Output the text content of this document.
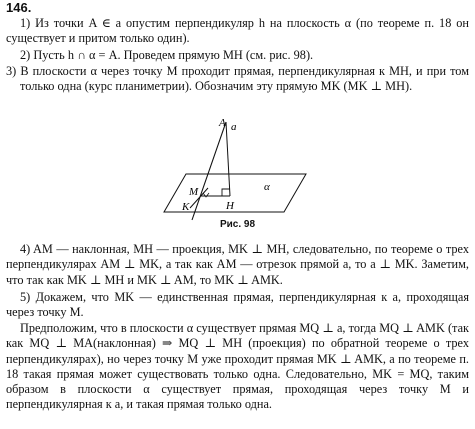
146.
1) Из точки A ∈ a опустим перпендикуляр h на плоскость α (по теореме п. 18 он существует и притом только один).
2) Пусть h ∩ α = A. Проведем прямую MH (см. рис. 98).
3) В плоскости α через точку M проходит прямая, перпендикулярная к MH, и при том только одна (курс планиметрии). Обозначим эту прямую MK (MK ⊥ MH).
A a
M
K	H
α
Рис. 98
4) AM — наклонная, MH — проекция, MK ⊥ MH, следовательно, по теореме о трех перпендикулярах AM ⊥ MK, а так как AM — отрезок прямой a, то a ⊥ MK. Заметим, что так как MK ⊥ MH и MK ⊥ AM, то MK ⊥ AMK.
5) Докажем, что MK — единственная прямая, перпендикулярная к a, проходящая через точку M.
Предположим, что в плоскости α существует прямая MQ ⊥ a, тогда MQ ⊥ AMK (так как MQ ⊥ MA(наклонная) ⇒ MQ ⊥ MH (проекция) по обратной теореме о трех перпендикулярах), но через точку M уже проходит прямая MK ⊥ AMK, а по теореме п. 18 такая прямая может существовать только одна. Следовательно, MK = MQ, таким образом в плоскости α существует прямая, проходящая через точку M и перпендикулярная к a, и такая прямая только одна.
